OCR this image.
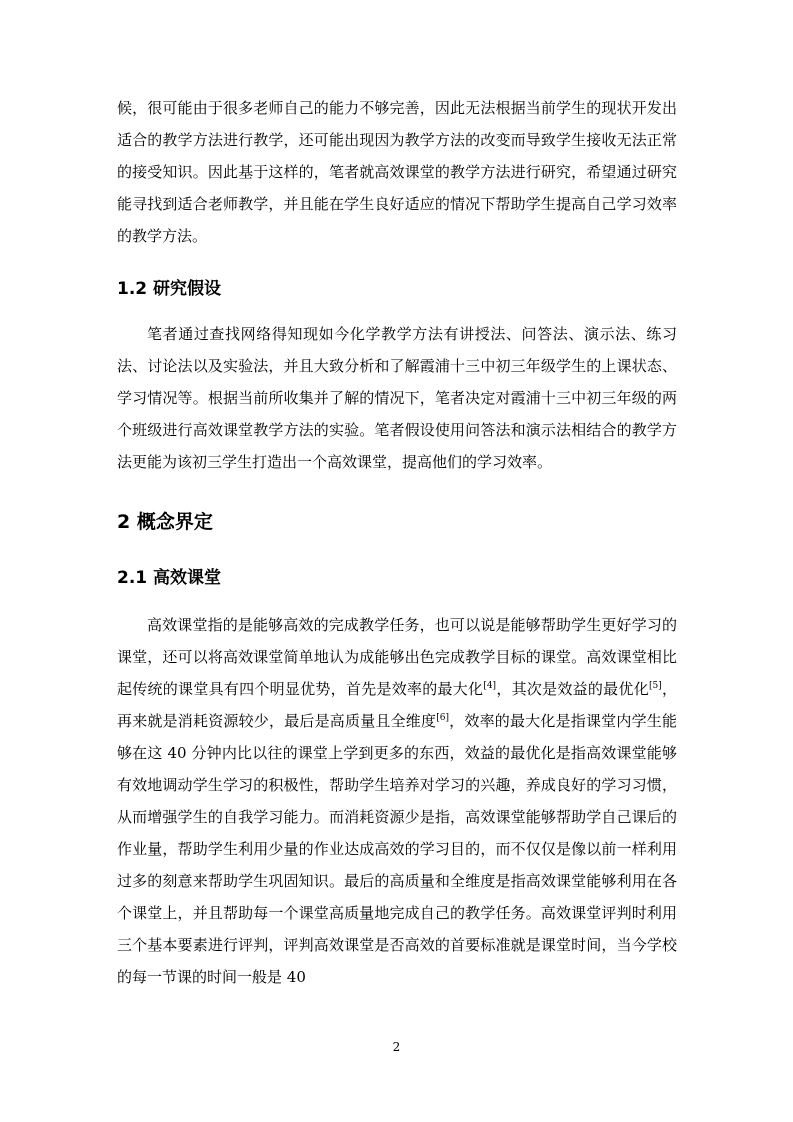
候，很可能由于很多老师自己的能力不够完善，因此无法根据当前学生的现状开发出适合的教学方法进行教学，还可能出现因为教学方法的改变而导致学生接收无法正常的接受知识。因此基于这样的，笔者就高效课堂的教学方法进行研究，希望通过研究能寻找到适合老师教学，并且能在学生良好适应的情况下帮助学生提高自己学习效率的教学方法。

1.2 研究假设

笔者通过查找网络得知现如今化学教学方法有讲授法、问答法、演示法、练习法、讨论法以及实验法，并且大致分析和了解霞浦十三中初三年级学生的上课状态、学习情况等。根据当前所收集并了解的情况下，笔者决定对霞浦十三中初三年级的两个班级进行高效课堂教学方法的实验。笔者假设使用问答法和演示法相结合的教学方法更能为该初三学生打造出一个高效课堂，提高他们的学习效率。

2 概念界定
2.1 高效课堂

高效课堂指的是能够高效的完成教学任务，也可以说是能够帮助学生更好学习的课堂，还可以将高效课堂简单地认为成能够出色完成教学目标的课堂。高效课堂相比起传统的课堂具有四个明显优势，首先是效率的最大化[4]，其次是效益的最优化[5]，再来就是消耗资源较少，最后是高质量且全维度[6]，效率的最大化是指课堂内学生能够在这 40 分钟内比以往的课堂上学到更多的东西，效益的最优化是指高效课堂能够有效地调动学生学习的积极性，帮助学生培养对学习的兴趣，养成良好的学习习惯，从而增强学生的自我学习能力。而消耗资源少是指，高效课堂能够帮助学自己课后的作业量，帮助学生利用少量的作业达成高效的学习目的，而不仅仅是像以前一样利用过多的刻意来帮助学生巩固知识。最后的高质量和全维度是指高效课堂能够利用在各个课堂上，并且帮助每一个课堂高质量地完成自己的教学任务。高效课堂评判时利用三个基本要素进行评判，评判高效课堂是否高效的首要标准就是课堂时间，当今学校的每一节课的时间一般是 40

2
